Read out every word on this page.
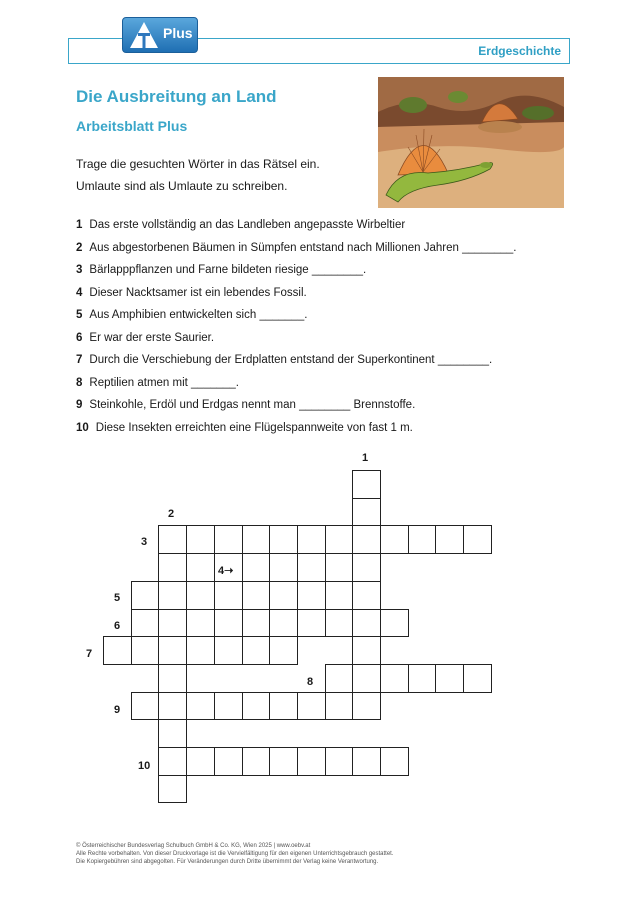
Erdgeschichte
Plus
Die Ausbreitung an Land
Arbeitsblatt Plus
Trage die gesuchten Wörter in das Rätsel ein.
Umlaute sind als Umlaute zu schreiben.
1 Das erste vollständig an das Landleben angepasste Wirbeltier
2 Aus abgestorbenen Bäumen in Sümpfen entstand nach Millionen Jahren ________.
3 Bärlapppflanzen und Farne bildeten riesige ________.
4 Dieser Nacktsamer ist ein lebendes Fossil.
5 Aus Amphibien entwickelten sich _______.
6 Er war der erste Saurier.
7 Durch die Verschiebung der Erdplatten entstand der Superkontinent ________.
8 Reptilien atmen mit _______.
9 Steinkohle, Erdöl und Erdgas nennt man ________ Brennstoffe.
10 Diese Insekten erreichten eine Flügelspannweite von fast 1 m.
1
2
3
4➝
5
6
7
8
9
10
© Österreichischer Bundesverlag Schulbuch GmbH & Co. KG, Wien 2025 | www.oebv.at
Alle Rechte vorbehalten. Von dieser Druckvorlage ist die Vervielfältigung für den eigenen Unterrichtsgebrauch gestattet.
Die Kopiergebühren sind abgegolten. Für Veränderungen durch Dritte übernimmt der Verlag keine Verantwortung.
